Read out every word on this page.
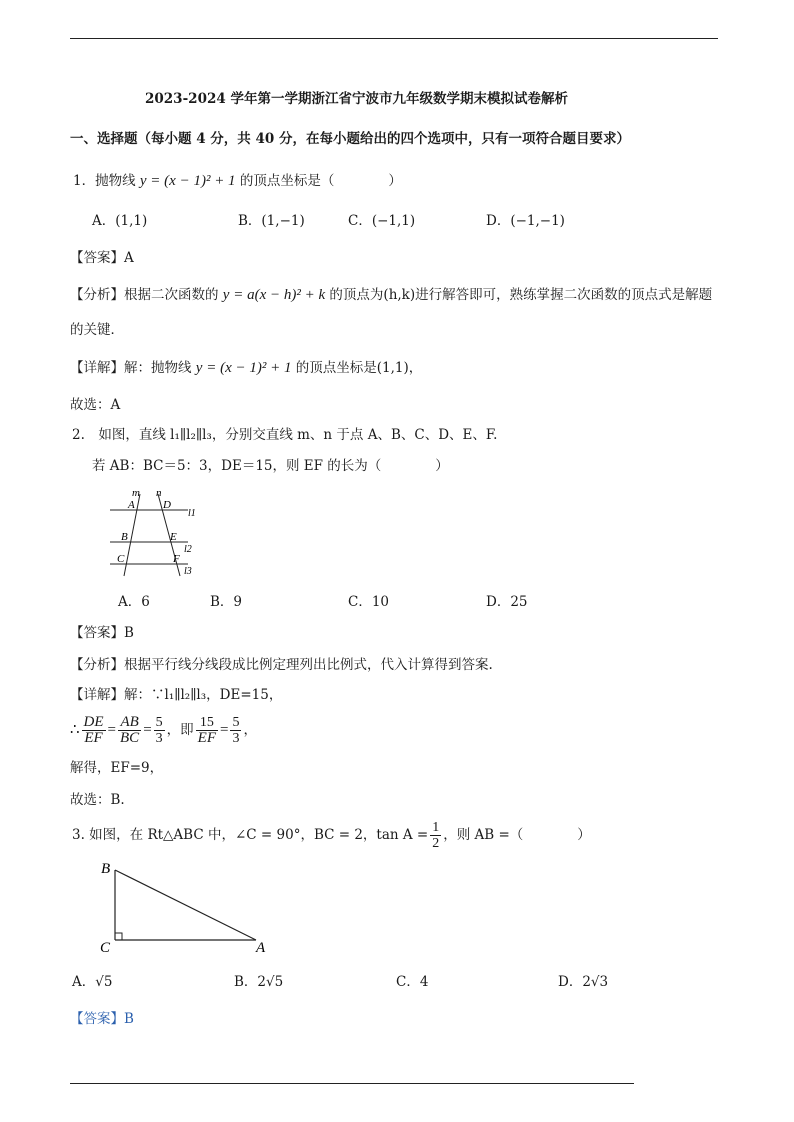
2023-2024 学年第一学期浙江省宁波市九年级数学期末模拟试卷解析
一、选择题（每小题 4 分，共 40 分，在每小题给出的四个选项中，只有一项符合题目要求）
1．抛物线 y = (x − 1)² + 1 的顶点坐标是（　　　　）
A．(1,1)	B．(1,−1)	C．(−1,1)	D．(−1,−1)
【答案】A
【分析】根据二次函数的 y = a(x − h)² + k 的顶点为(h,k)进行解答即可，熟练掌握二次函数的顶点式是解题
的关键．
【详解】解：抛物线 y = (x − 1)² + 1 的顶点坐标是(1,1)，
故选：A
2.　如图，直线 l₁∥l₂∥l₃，分别交直线 m、n 于点 A、B、C、D、E、F.
若 AB：BC＝5：3，DE＝15，则 EF 的长为（　　　　）
m n
A	D
l1
B	E
l2
C	F
l3
A．6	B．9	C．10	D．25
【答案】B
【分析】根据平行线分线段成比例定理列出比例式，代入计算得到答案.
【详解】解：∵l₁∥l₂∥l₃，DE=15，
∴ $\frac{DE}{EF} = \frac{AB}{BC} = \frac{5}{3}$ ，即 $\frac{15}{EF} = \frac{5}{3}$ ，
解得，EF=9，
故选：B.
3. 如图，在 Rt△ABC 中，∠C = 90°，BC = 2，$\tan A = \frac{1}{2}$ ，则 AB =（　　　　）
B
C	A
A．√5	B．2√5	C．4	D．2√3
【答案】B
